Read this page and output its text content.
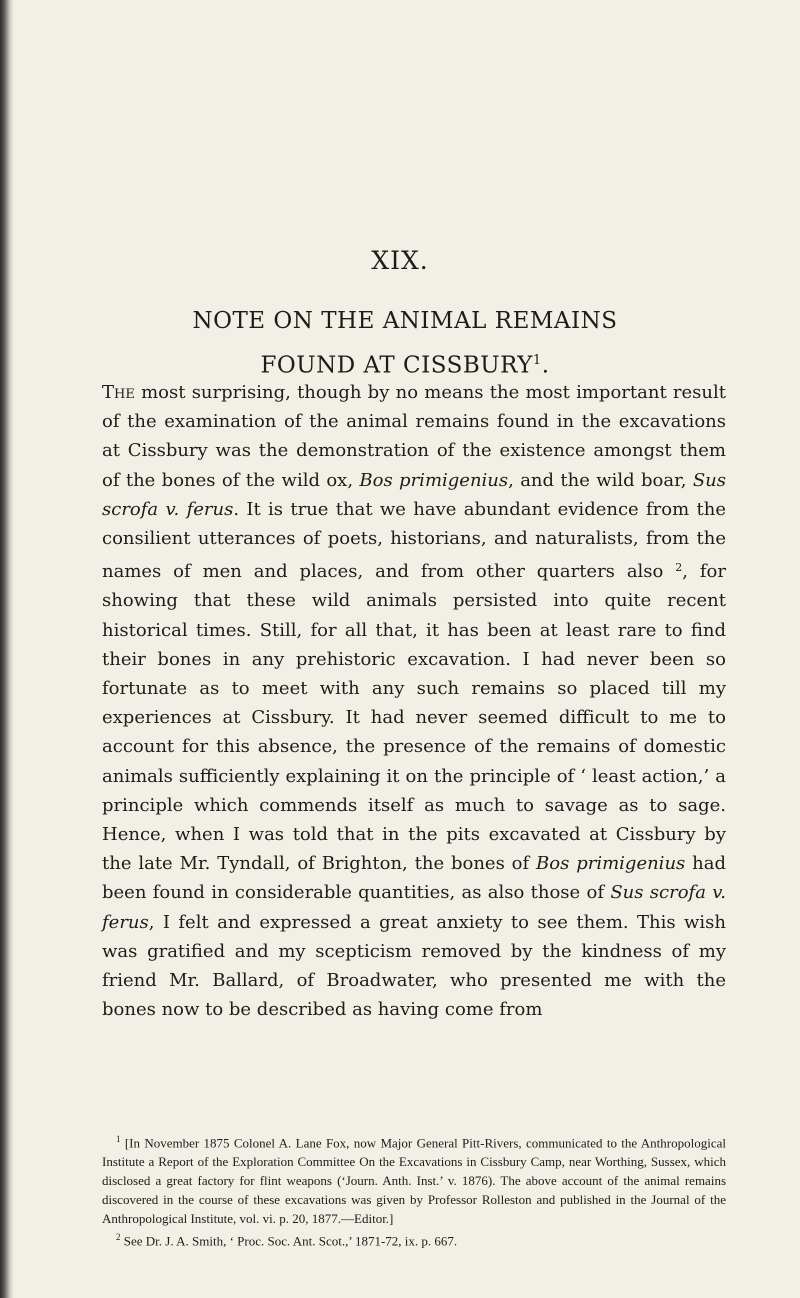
XIX.
NOTE ON THE ANIMAL REMAINS
FOUND AT CISSBURY$^1$.

The most surprising, though by no means the most important result of the examination of the animal remains found in the excavations at Cissbury was the demonstration of the existence amongst them of the bones of the wild ox, Bos primigenius, and the wild boar, Sus scrofa v. ferus. It is true that we have abundant evidence from the consilient utterances of poets, historians, and naturalists, from the names of men and places, and from other quarters also $^2$, for showing that these wild animals persisted into quite recent historical times. Still, for all that, it has been at least rare to find their bones in any prehistoric excavation. I had never been so fortunate as to meet with any such remains so placed till my experiences at Cissbury. It had never seemed difficult to me to account for this absence, the presence of the remains of domestic animals sufficiently explaining it on the principle of ‘ least action,’ a principle which commends itself as much to savage as to sage. Hence, when I was told that in the pits excavated at Cissbury by the late Mr. Tyndall, of Brighton, the bones of Bos primigenius had been found in considerable quantities, as also those of Sus scrofa v. ferus, I felt and expressed a great anxiety to see them. This wish was gratified and my scepticism removed by the kindness of my friend Mr. Ballard, of Broadwater, who presented me with the bones now to be described as having come from

$^1$ [In November 1875 Colonel A. Lane Fox, now Major General Pitt-Rivers, communicated to the Anthropological Institute a Report of the Exploration Committee On the Excavations in Cissbury Camp, near Worthing, Sussex, which disclosed a great factory for flint weapons (‘Journ. Anth. Inst.’ v. 1876). The above account of the animal remains discovered in the course of these excavations was given by Professor Rolleston and published in the Journal of the Anthropological Institute, vol. vi. p. 20, 1877.—Editor.]

$^2$ See Dr. J. A. Smith, ‘ Proc. Soc. Ant. Scot.,’ 1871-72, ix. p. 667.
